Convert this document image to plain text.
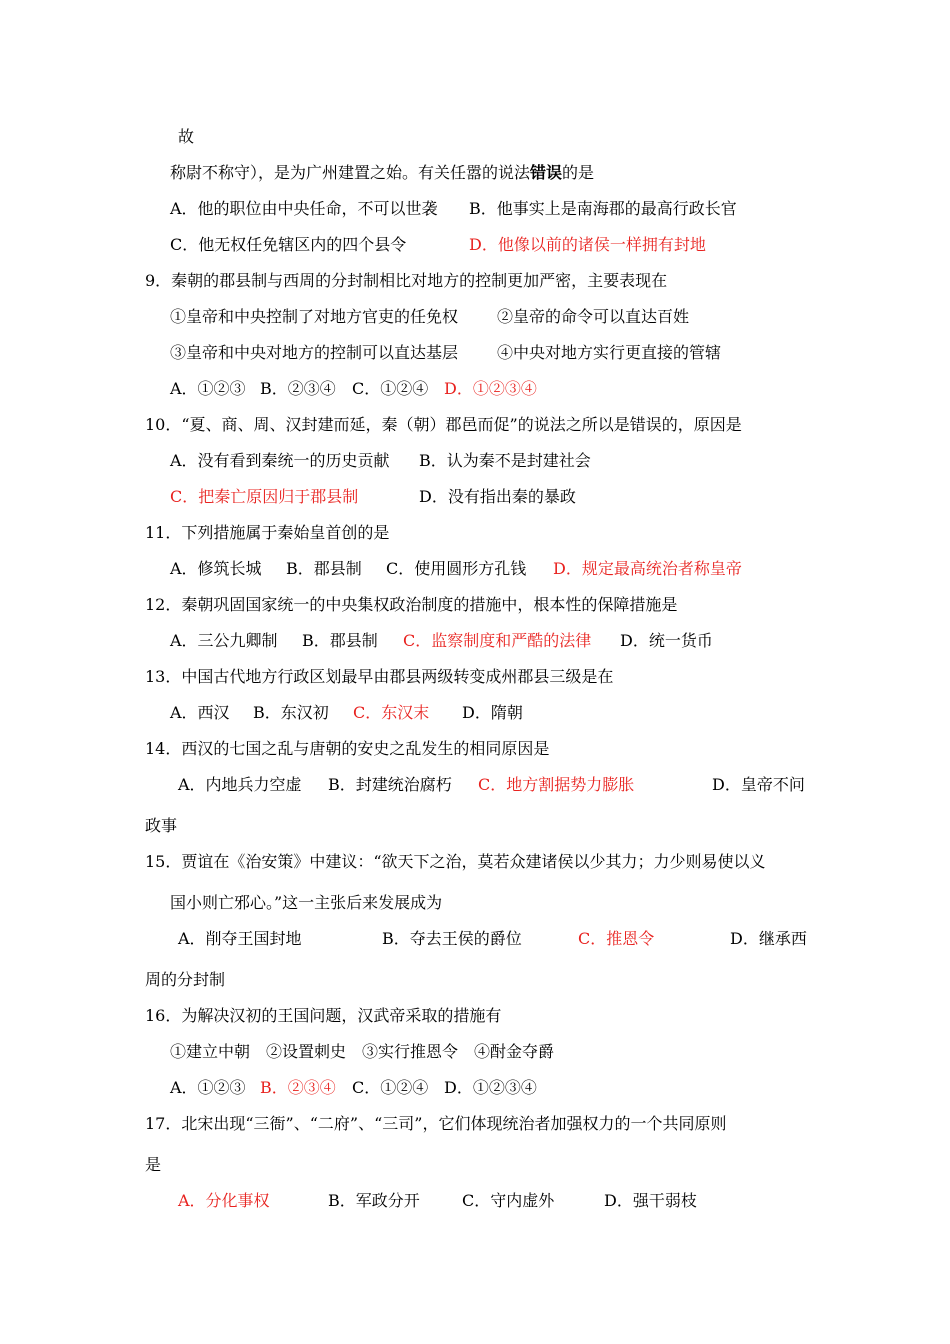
故
称尉不称守），是为广州建置之始。有关任嚣的说法错误的是
A．他的职位由中央任命，不可以世袭 B．他事实上是南海郡的最高行政长官
C．他无权任免辖区内的四个县令	D．他像以前的诸侯一样拥有封地
9．秦朝的郡县制与西周的分封制相比对地方的控制更加严密，主要表现在
①皇帝和中央控制了对地方官吏的任免权 ②皇帝的命令可以直达百姓
③皇帝和中央对地方的控制可以直达基层 ④中央对地方实行更直接的管辖
A．①②③ B．②③④ C．①②④ D．①②③④
10．“夏、商、周、汉封建而延，秦（朝）郡邑而促”的说法之所以是错误的，原因是
A．没有看到秦统一的历史贡献 B．认为秦不是封建社会
C．把秦亡原因归于郡县制	D．没有指出秦的暴政
11．下列措施属于秦始皇首创的是
A．修筑长城 B．郡县制 C．使用圆形方孔钱 D．规定最高统治者称皇帝
12．秦朝巩固国家统一的中央集权政治制度的措施中，根本性的保障措施是
A．三公九卿制 B．郡县制 C．监察制度和严酷的法律 D．统一货币
13．中国古代地方行政区划最早由郡县两级转变成州郡县三级是在
A．西汉 B．东汉初 C．东汉末 D．隋朝
14．西汉的七国之乱与唐朝的安史之乱发生的相同原因是
A．内地兵力空虚 B．封建统治腐朽 C．地方割据势力膨胀	D．皇帝不问
政事
15．贾谊在《治安策》中建议：“欲天下之治，莫若众建诸侯以少其力；力少则易使以义
国小则亡邪心。”这一主张后来发展成为
A．削夺王国封地	B．夺去王侯的爵位	C．推恩令	D．继承西
周的分封制
16．为解决汉初的王国问题，汉武帝采取的措施有
①建立中朝　②设置刺史　③实行推恩令　④酎金夺爵
A．①②③ B．②③④ C．①②④ D．①②③④
17．北宋出现“三衙”、“二府”、“三司”，它们体现统治者加强权力的一个共同原则
是
A．分化事权	B．军政分开	C．守内虚外	D．强干弱枝
